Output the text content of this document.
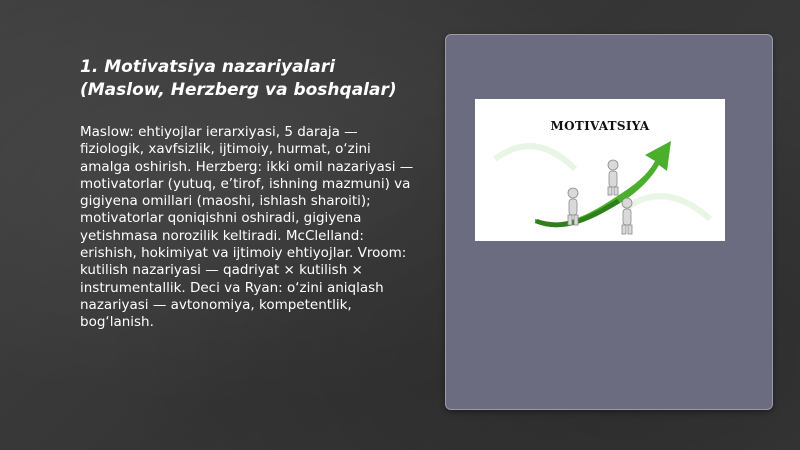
1. Motivatsiya nazariyalari (Maslow, Herzberg va boshqalar)

Maslow: ehtiyojlar ierarxiyasi, 5 daraja — fiziologik, xavfsizlik, ijtimoiy, hurmat, o‘zini amalga oshirish. Herzberg: ikki omil nazariyasi — motivatorlar (yutuq, e’tirof, ishning mazmuni) va gigiyena omillari (maoshi, ishlash sharoiti); motivatorlar qoniqishni oshiradi, gigiyena yetishmasa norozilik keltiradi. McClelland: erishish, hokimiyat va ijtimoiy ehtiyojlar. Vroom: kutilish nazariyasi — qadriyat × kutilish × instrumentallik. Deci va Ryan: o‘zini aniqlash nazariyasi — avtonomiya, kompetentlik, bog‘lanish.

MOTIVATSIYA
